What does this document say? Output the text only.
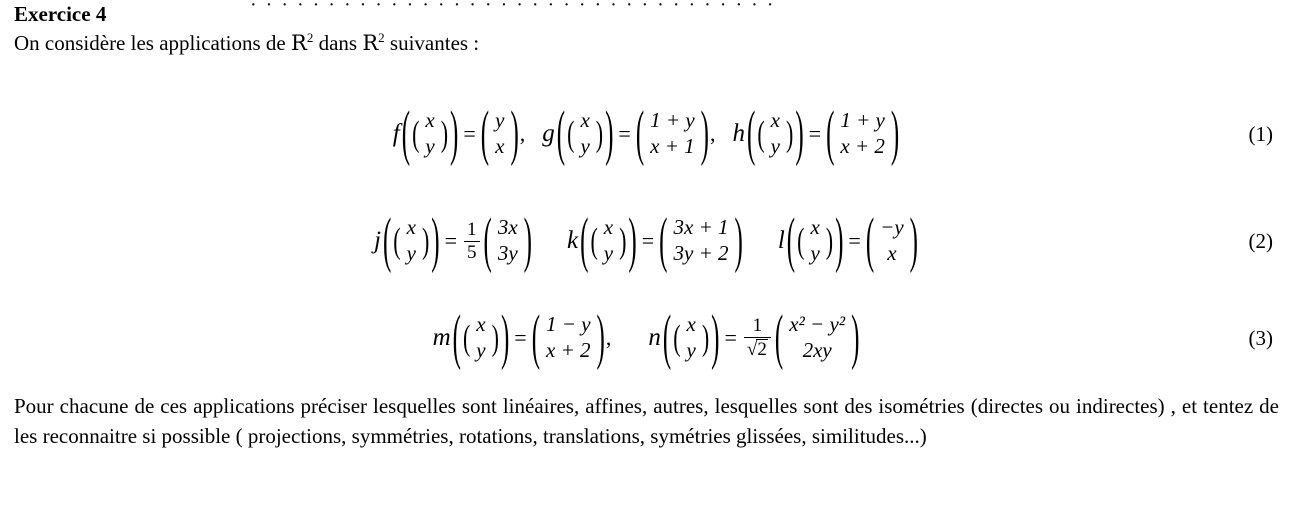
· · · · · · · · · · · · · · · · · · · · · · · · · · · · · · · · · ·
Exercice 4
On considère les applications de $R^2$ dans $R^2$ suivantes :
f ( ( x
y ) ) = ( y
x ) , g ( ( x
y ) ) = ( 1 + y
x + 1 ) , h ( ( x
y ) ) = ( 1 + y
x + 2 )	(1)
j ( ( x
y ) ) = $\frac{1}{5}$ ( 3x
3y ) k ( ( x
y ) ) = ( 3x + 1
3y + 2 ) l ( ( x
y ) ) = ( −y
x )	(2)
m ( ( x
y ) ) = ( 1 − y
x + 2 ) , n ( ( x
y ) ) = $\frac{1}{√2}$ ( x² − y²
2xy )	(3)

Pour chacune de ces applications préciser lesquelles sont linéaires, affines, autres, lesquelles sont des isométries (directes ou indirectes) , et tentez de les reconnaitre si possible ( projections, symmétries, rotations, translations, symétries glissées, similitudes...)
